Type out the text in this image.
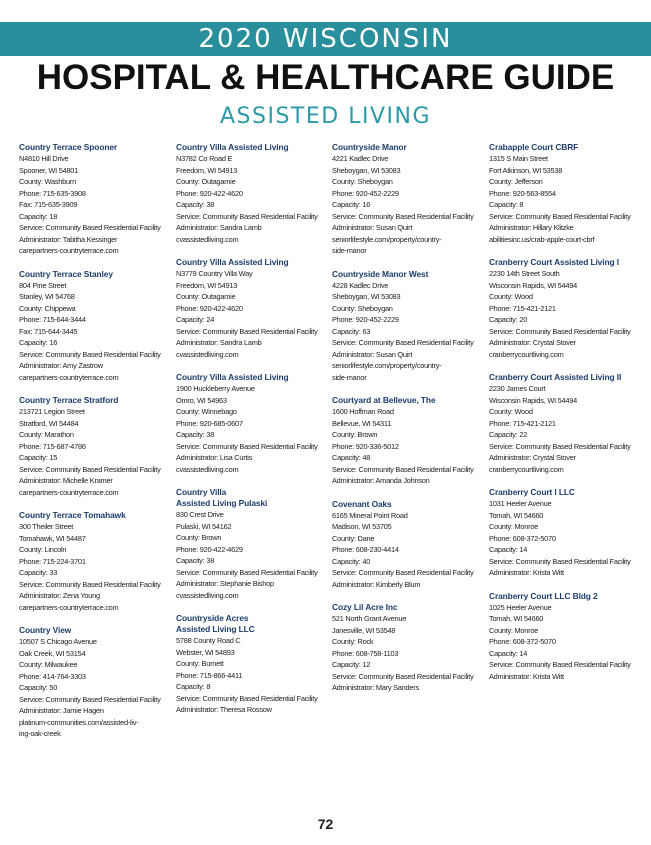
2020 WISCONSIN
HOSPITAL & HEALTHCARE GUIDE
ASSISTED LIVING
Country Terrace Spooner
N4810 Hill Drive
Spooner, WI 54801
County: Washburn
Phone: 715-635-3908
Fax: 715-635-3909
Capacity: 18
Service: Community Based Residential Facility
Administrator: Tabitha Kessinger
carepartners-countryterrace.com
Country Terrace Stanley
804 Pine Street
Stanley, WI 54768
County: Chippewa
Phone: 715-644-3444
Fax: 715-644-3445
Capacity: 16
Service: Community Based Residential Facility
Administrator: Amy Zastrow
carepartners-countryterrace.com
Country Terrace Stratford
213721 Legion Street
Stratford, WI 54484
County: Marathon
Phone: 715-687-4786
Capacity: 15
Service: Community Based Residential Facility
Administrator: Michelle Kramer
carepartners-countryterrace.com
Country Terrace Tomahawk
300 Theiler Street
Tomahawk, WI 54487
County: Lincoln
Phone: 715-224-3701
Capacity: 33
Service: Community Based Residential Facility
Administrator: Zena Young
carepartners-countryterrace.com
Country View
10507 S Chicago Avenue
Oak Creek, WI 53154
County: Milwaukee
Phone: 414-764-3303
Capacity: 50
Service: Community Based Residential Facility
Administrator: Jamie Hagen
platinum-communities.com/assisted-liv-
ing-oak-creek
Country Villa Assisted Living
N3782 Co Road E
Freedom, WI 54913
County: Outagamie
Phone: 920-422-4620
Capacity: 38
Service: Community Based Residential Facility
Administrator: Sandra Lamb
cvassistedliving.com
Country Villa Assisted Living
N3779 Country Villa Way
Freedom, WI 54913
County: Outagamie
Phone: 920-422-4620
Capacity: 24
Service: Community Based Residential Facility
Administrator: Sandra Lamb
cvassistedliving.com
Country Villa Assisted Living
1900 Huckleberry Avenue
Omro, WI 54963
County: Winnebago
Phone: 920-685-0607
Capacity: 38
Service: Community Based Residential Facility
Administrator: Lisa Curtis
cvassistedliving.com
Country Villa
Assisted Living Pulaski
830 Crest Drive
Pulaski, WI 54162
County: Brown
Phone: 920-422-4629
Capacity: 38
Service: Community Based Residential Facility
Administrator: Stephanie Bishop
cvassistedliving.com
Countryside Acres
Assisted Living LLC
5788 County Road C
Webster, WI 54893
County: Burnett
Phone: 715-866-4411
Capacity: 8
Service: Community Based Residential Facility
Administrator: Theresa Rossow
Countryside Manor
4221 Kadlec Drive
Sheboygan, WI 53083
County: Sheboygan
Phone: 920-452-2229
Capacity: 16
Service: Community Based Residential Facility
Administrator: Susan Quirt
seniorlifestyle.com/property/country-
side-manor
Countryside Manor West
4228 Kadlec Drive
Sheboygan, WI 53083
County: Sheboygan
Phone: 920-452-2229
Capacity: 63
Service: Community Based Residential Facility
Administrator: Susan Quirt
seniorlifestyle.com/property/country-
side-manor
Courtyard at Bellevue, The
1600 Hoffman Road
Bellevue, WI 54311
County: Brown
Phone: 920-336-5012
Capacity: 48
Service: Community Based Residential Facility
Administrator: Amanda Johnson
Covenant Oaks
6165 Mineral Point Road
Madison, WI 53705
County: Dane
Phone: 608-230-4414
Capacity: 40
Service: Community Based Residential Facility
Administrator: Kimberly Blum
Cozy Lil Acre Inc
521 North Grant Avenue
Janesville, WI 53548
County: Rock
Phone: 608-758-1103
Capacity: 12
Service: Community Based Residential Facility
Administrator: Mary Sanders
Crabapple Court CBRF
1315 S Main Street
Fort Atkinson, WI 53538
County: Jefferson
Phone: 920-563-8554
Capacity: 8
Service: Community Based Residential Facility
Administrator: Hillary Klitzke
abilitiesinc.us/crab-apple-court-cbrf
Cranberry Court Assisted Living I
2230 14th Street South
Wisconsin Rapids, WI 54494
County: Wood
Phone: 715-421-2121
Capacity: 20
Service: Community Based Residential Facility
Administrator: Crystal Stover
cranberrycourtliving.com
Cranberry Court Assisted Living II
2230 James Court
Wisconsin Rapids, WI 54494
County: Wood
Phone: 715-421-2121
Capacity: 22
Service: Community Based Residential Facility
Administrator: Crystal Stover
cranberrycourtliving.com
Cranberry Court I LLC
1031 Heeler Avenue
Tomah, WI 54660
County: Monroe
Phone: 608-372-5070
Capacity: 14
Service: Community Based Residential Facility
Administrator: Krista Witt
Cranberry Court LLC Bldg 2
1025 Heeler Avenue
Tomah, WI 54660
County: Monroe
Phone: 608-372-5070
Capacity: 14
Service: Community Based Residential Facility
Administrator: Krista Witt
72
